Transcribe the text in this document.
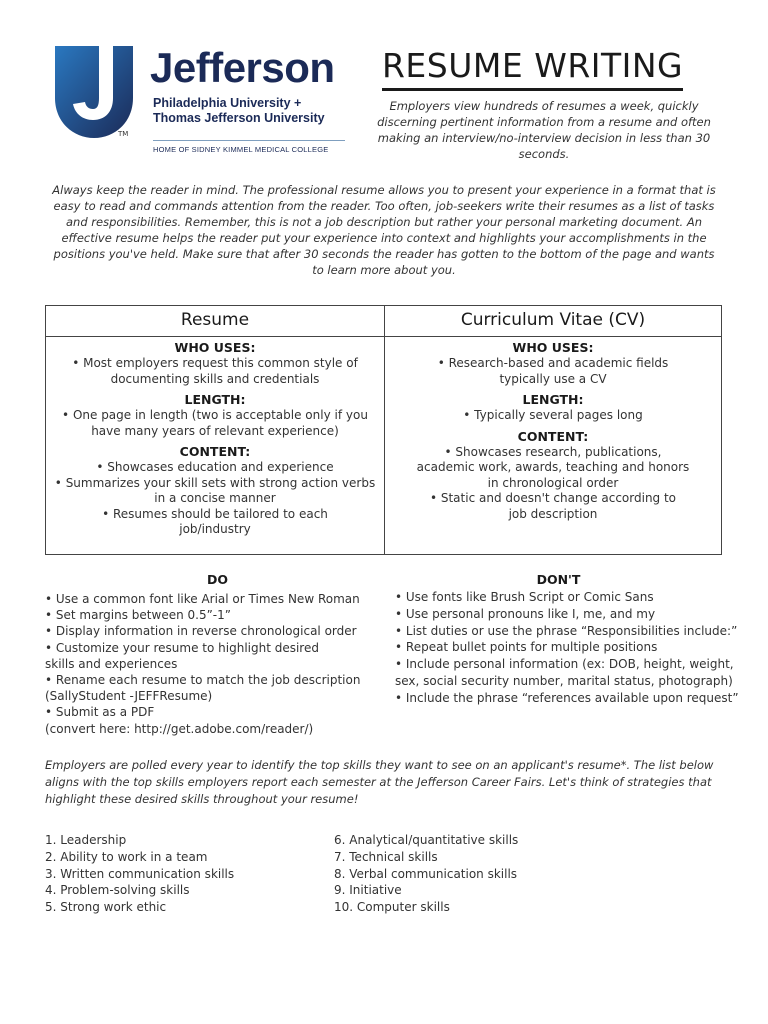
TM
Jefferson
Philadelphia University +
Thomas Jefferson University
HOME OF SIDNEY KIMMEL MEDICAL COLLEGE
RESUME WRITING
Employers view hundreds of resumes a week, quickly discerning pertinent information from a resume and often making an interview/no-interview decision in less than 30 seconds.
Always keep the reader in mind. The professional resume allows you to present your experience in a format that is easy to read and commands attention from the reader. Too often, job-seekers write their resumes as a list of tasks and responsibilities. Remember, this is not a job description but rather your personal marketing document. An effective resume helps the reader put your experience into context and highlights your accomplishments in the positions you've held. Make sure that after 30 seconds the reader has gotten to the bottom of the page and wants to learn more about you.
Resume
WHO USES:
• Most employers request this common style of
documenting skills and credentials
LENGTH:
• One page in length (two is acceptable only if you
have many years of relevant experience)
CONTENT:
• Showcases education and experience
• Summarizes your skill sets with strong action verbs
in a concise manner
• Resumes should be tailored to each
job/industry
Curriculum Vitae (CV)
WHO USES:
• Research-based and academic fields
typically use a CV
LENGTH:
• Typically several pages long
CONTENT:
• Showcases research, publications,
academic work, awards, teaching and honors
in chronological order
• Static and doesn't change according to
job description
DO	DON'T
• Use a common font like Arial or Times New Roman
• Set margins between 0.5”-1”
• Display information in reverse chronological order
• Customize your resume to highlight desired
skills and experiences
• Rename each resume to match the job description
(SallyStudent -JEFFResume)
• Submit as a PDF
(convert here: http://get.adobe.com/reader/)
• Use fonts like Brush Script or Comic Sans
• Use personal pronouns like I, me, and my
• List duties or use the phrase “Responsibilities include:”
• Repeat bullet points for multiple positions
• Include personal information (ex: DOB, height, weight,
sex, social security number, marital status, photograph)
• Include the phrase “references available upon request”
Employers are polled every year to identify the top skills they want to see on an applicant's resume*. The list below aligns with the top skills employers report each semester at the Jefferson Career Fairs. Let's think of strategies that highlight these desired skills throughout your resume!
1. Leadership
2. Ability to work in a team
3. Written communication skills
4. Problem-solving skills
5. Strong work ethic
6. Analytical/quantitative skills
7. Technical skills
8. Verbal communication skills
9. Initiative
10. Computer skills
